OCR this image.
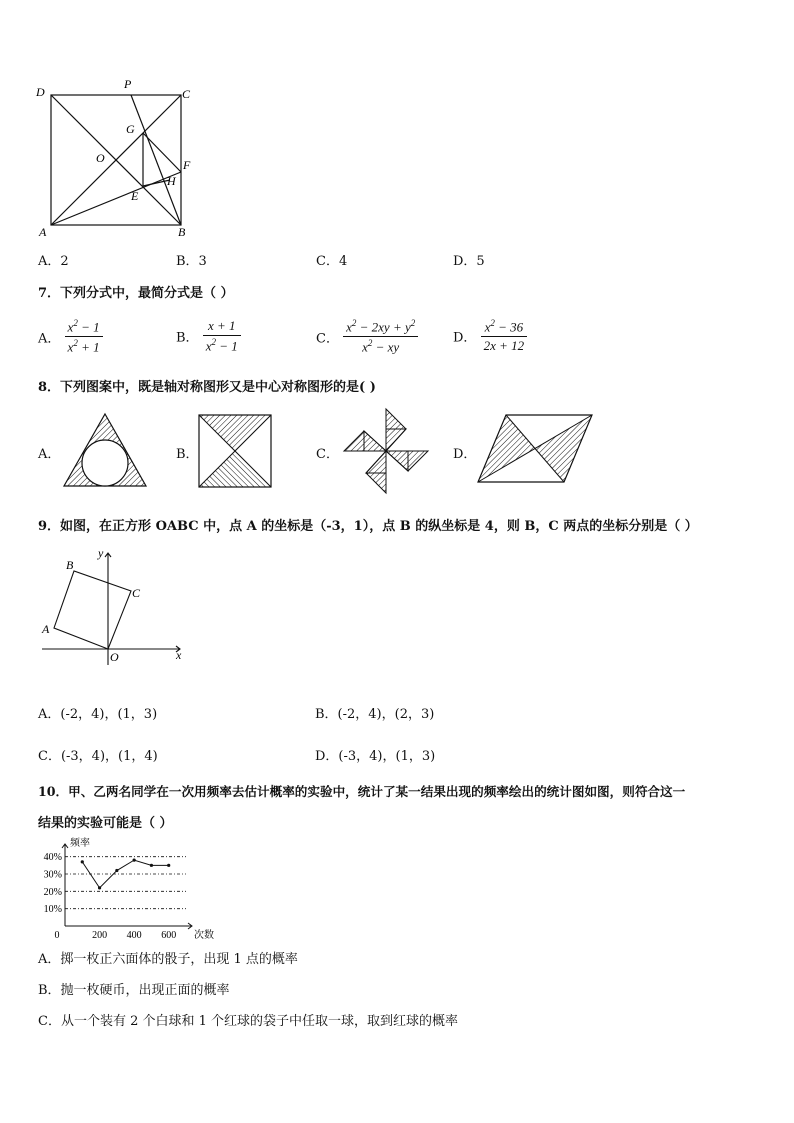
D
P
C
G
O	F
H
E
A	B
A．2	B．3	C．4	D．5
7．下列分式中，最简分式是（ ）
A． $\frac{x^2 - 1}{x^2 + 1}$	B． $\frac{x + 1}{x^2 - 1}$	C． $\frac{x^2 - 2xy + y^2}{x^2 - xy}$	D． $\frac{x^2 - 36}{2x + 12}$
8．下列图案中，既是轴对称图形又是中心对称图形的是( )
A．	B．	C．	D．
9．如图，在正方形 OABC 中，点 A 的坐标是（-3，1），点 B 的纵坐标是 4，则 B，C 两点的坐标分别是（ ）
y
B
C
A
O	x
A．(-2，4)，(1，3)	B．(-2，4)，(2，3)
C．(-3，4)，(1，4)	D．(-3，4)，(1，3)
10．甲、乙两名同学在一次用频率去估计概率的实验中，统计了某一结果出现的频率绘出的统计图如图，则符合这一
结果的实验可能是（ ）
10%
20%
30%
40%
0	200 400 600
频率
次数
A．掷一枚正六面体的骰子，出现 1 点的概率
B．抛一枚硬币，出现正面的概率
C．从一个装有 2 个白球和 1 个红球的袋子中任取一球，取到红球的概率
